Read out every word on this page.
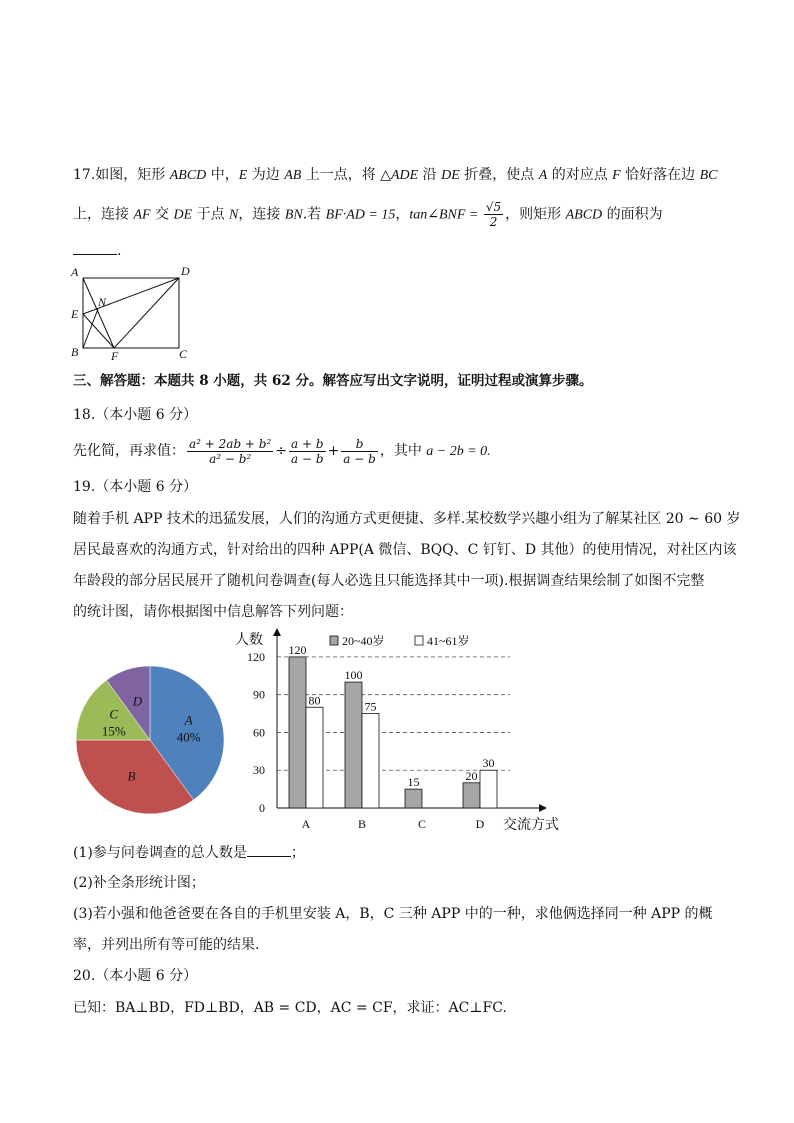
17.如图，矩形 ABCD 中，E 为边 AB 上一点，将 △ADE 沿 DE 折叠，使点 A 的对应点 F 恰好落在边 BC
上，连接 AF 交 DE 于点 N，连接 BN.若 BF·AD = 15，tan∠BNF = $\frac{√5}{2}$ ，则矩形 ABCD 的面积为
.
A	D
N
E
B	F	C
三、解答题：本题共 8 小题，共 62 分。解答应写出文字说明，证明过程或演算步骤。
18.（本小题 6 分）
先化简，再求值： $\frac{\text{a² + 2ab + b²}}{\text{a² − b²}} \div \frac{a + b}{a - b} + \frac{b}{a - b}$ ，其中 a − 2b = 0.
19.（本小题 6 分）
随着手机 APP 技术的迅猛发展，人们的沟通方式更便捷、多样.某校数学兴趣小组为了解某社区 20 ∼ 60 岁
居民最喜欢的沟通方式，针对给出的四种 APP(A 微信、BQQ、C 钉钉、D 其他）的使用情况，对社区内该
年龄段的部分居民展开了随机问卷调查(每人必选且只能选择其中一项).根据调查结果绘制了如图不完整
的统计图，请你根据图中信息解答下列问题：
A
40%
B
C
15%
D
0
30
60
90
120
人数
交流方式
20~40岁	41~61岁
120
80
A
100
75
B
15
C
20
30
D
(1)参与问卷调查的总人数是	；
(2)补全条形统计图；
(3)若小强和他爸爸要在各自的手机里安装 A，B，C 三种 APP 中的一种，求他俩选择同一种 APP 的概
率，并列出所有等可能的结果.
20.（本小题 6 分）
已知：BA⊥BD，FD⊥BD，AB = CD，AC = CF，求证：AC⊥FC.
